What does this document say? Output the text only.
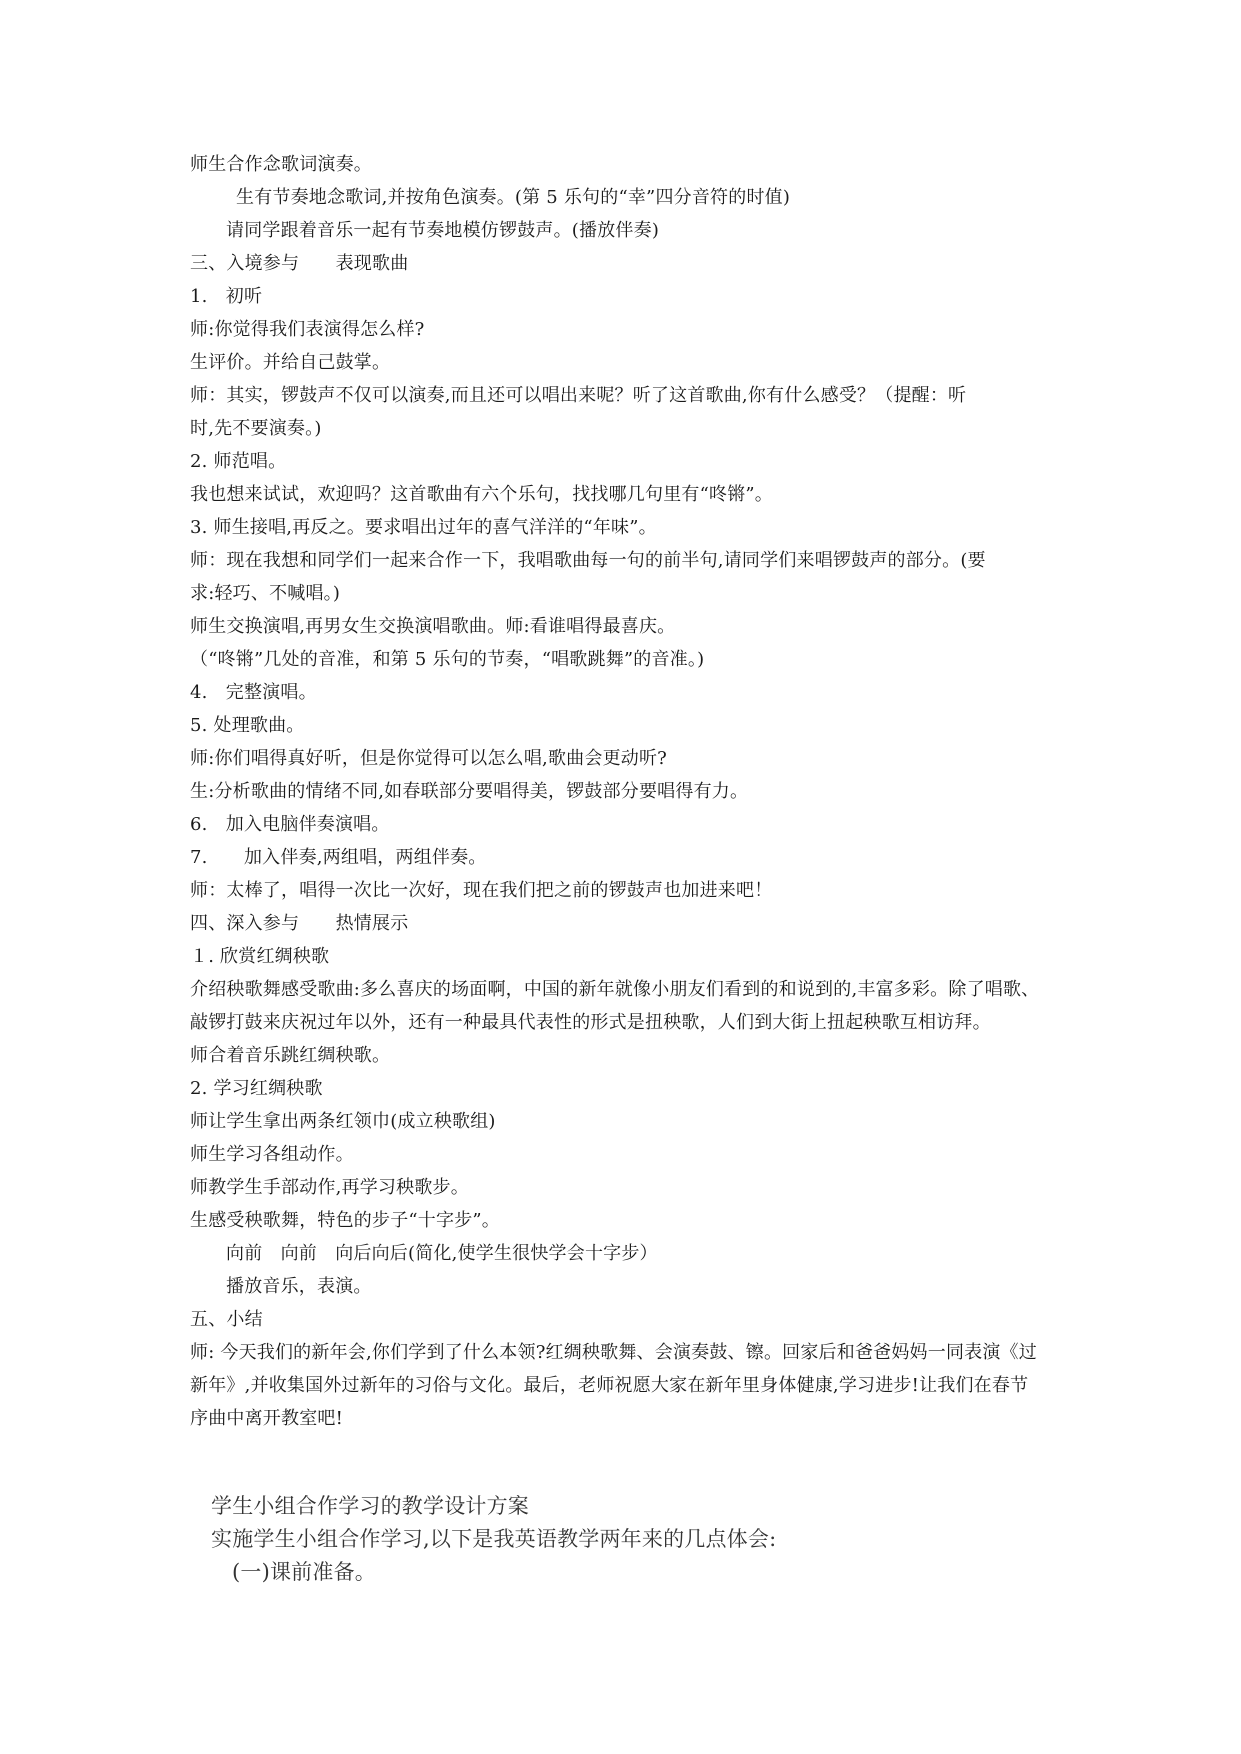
师生合作念歌词演奏。
生有节奏地念歌词,并按角色演奏。(第 5 乐句的“幸”四分音符的时值)
请同学跟着音乐一起有节奏地模仿锣鼓声。(播放伴奏)
三、入境参与　　表现歌曲
1.　初听
师:你觉得我们表演得怎么样?
生评价。并给自己鼓掌。
师：其实，锣鼓声不仅可以演奏,而且还可以唱出来呢？听了这首歌曲,你有什么感受？（提醒：听
时,先不要演奏。)
2. 师范唱。
我也想来试试，欢迎吗？这首歌曲有六个乐句，找找哪几句里有“咚锵”。
3. 师生接唱,再反之。要求唱出过年的喜气洋洋的“年味”。
师：现在我想和同学们一起来合作一下，我唱歌曲每一句的前半句,请同学们来唱锣鼓声的部分。(要
求:轻巧、不喊唱。)
师生交换演唱,再男女生交换演唱歌曲。师:看谁唱得最喜庆。
（“咚锵”几处的音准，和第 5 乐句的节奏，“唱歌跳舞”的音准。)
4.　完整演唱。
5. 处理歌曲。
师:你们唱得真好听，但是你觉得可以怎么唱,歌曲会更动听?
生:分析歌曲的情绪不同,如春联部分要唱得美，锣鼓部分要唱得有力。
6.　加入电脑伴奏演唱。
7.　　加入伴奏,两组唱，两组伴奏。
师：太棒了，唱得一次比一次好，现在我们把之前的锣鼓声也加进来吧！
四、深入参与　　热情展示
１. 欣赏红绸秧歌
介绍秧歌舞感受歌曲:多么喜庆的场面啊，中国的新年就像小朋友们看到的和说到的,丰富多彩。除了唱歌、
敲锣打鼓来庆祝过年以外，还有一种最具代表性的形式是扭秧歌，人们到大街上扭起秧歌互相访拜。
师合着音乐跳红绸秧歌。
2. 学习红绸秧歌
师让学生拿出两条红领巾(成立秧歌组)
师生学习各组动作。
师教学生手部动作,再学习秧歌步。
生感受秧歌舞，特色的步子“十字步”。
向前　向前　向后向后(简化,使学生很快学会十字步）
播放音乐，表演。
五、小结
师: 今天我们的新年会,你们学到了什么本领?红绸秧歌舞、会演奏鼓、镲。回家后和爸爸妈妈一同表演《过
新年》,并收集国外过新年的习俗与文化。最后，老师祝愿大家在新年里身体健康,学习进步!让我们在春节
序曲中离开教室吧!
学生小组合作学习的教学设计方案
实施学生小组合作学习,以下是我英语教学两年来的几点体会:
(一)课前准备。
